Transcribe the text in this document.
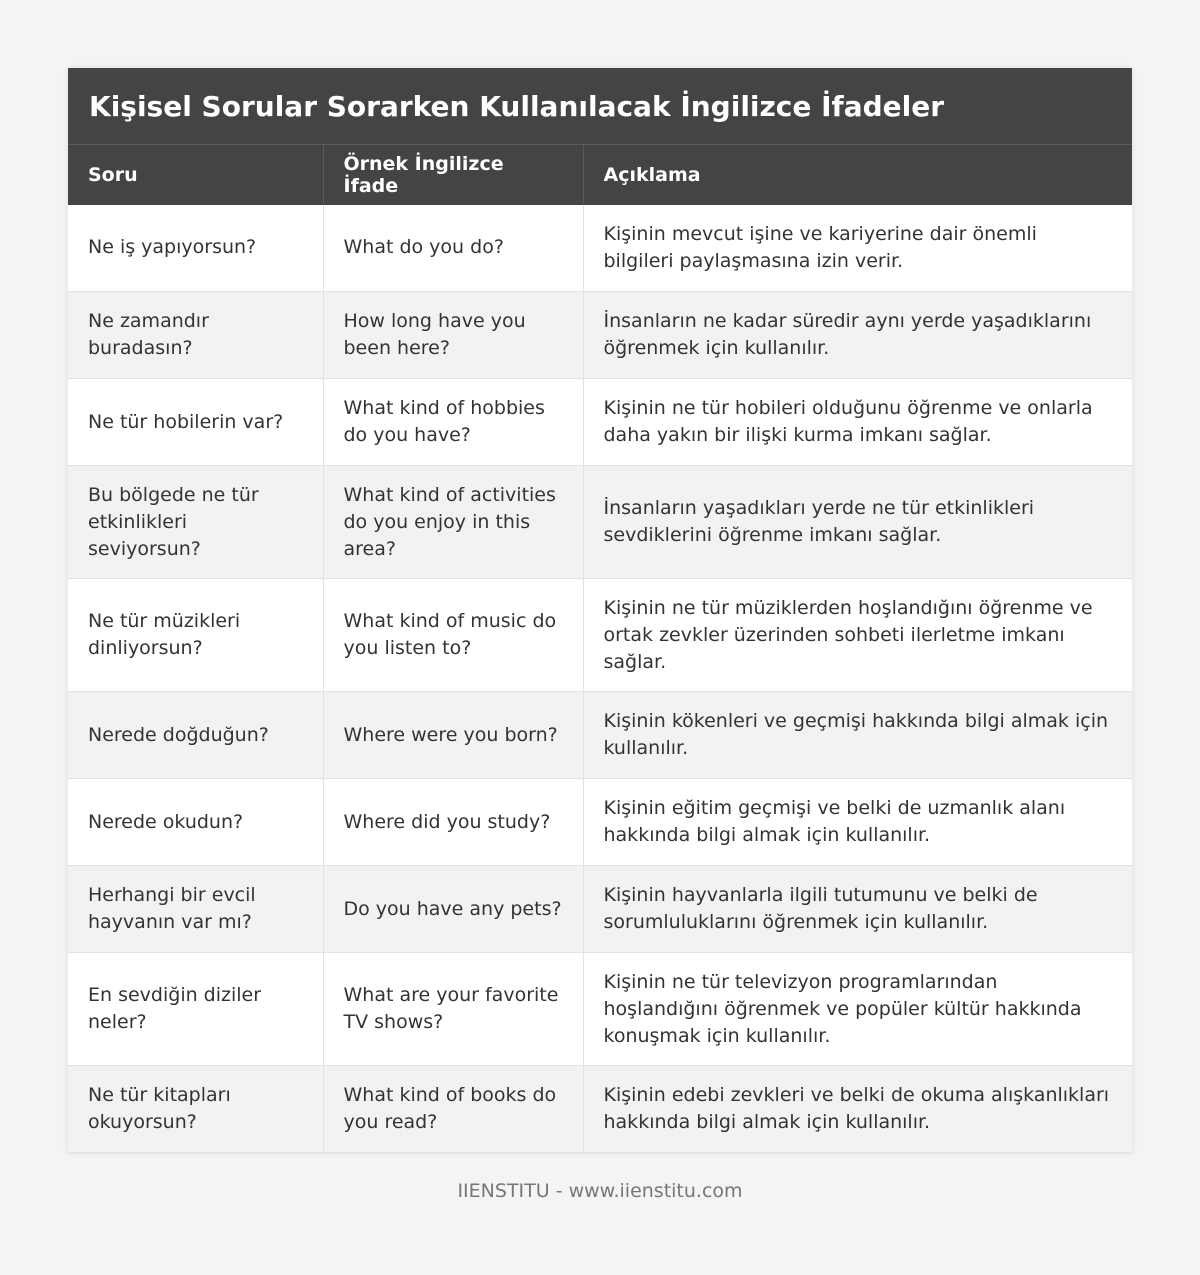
Kişisel Sorular Sorarken Kullanılacak İngilizce İfadeler
Soru	Örnek İngilizce İfade	Açıklama
Ne iş yapıyorsun?	What do you do?	Kişinin mevcut işine ve kariyerine dair önemli bilgileri paylaşmasına izin verir.
Ne zamandır buradasın?	How long have you been here?	İnsanların ne kadar süredir aynı yerde yaşadıklarını öğrenmek için kullanılır.
Ne tür hobilerin var?	What kind of hobbies do you have?	Kişinin ne tür hobileri olduğunu öğrenme ve onlarla daha yakın bir ilişki kurma imkanı sağlar.
Bu bölgede ne tür etkinlikleri seviyorsun?	What kind of activities do you enjoy in this area?	İnsanların yaşadıkları yerde ne tür etkinlikleri sevdiklerini öğrenme imkanı sağlar.
Ne tür müzikleri dinliyorsun?	What kind of music do you listen to?	Kişinin ne tür müziklerden hoşlandığını öğrenme ve ortak zevkler üzerinden sohbeti ilerletme imkanı sağlar.
Nerede doğduğun?	Where were you born?	Kişinin kökenleri ve geçmişi hakkında bilgi almak için kullanılır.
Nerede okudun?	Where did you study?	Kişinin eğitim geçmişi ve belki de uzmanlık alanı hakkında bilgi almak için kullanılır.
Herhangi bir evcil hayvanın var mı?	Do you have any pets?	Kişinin hayvanlarla ilgili tutumunu ve belki de sorumluluklarını öğrenmek için kullanılır.
En sevdiğin diziler neler?	What are your favorite TV shows?	Kişinin ne tür televizyon programlarından hoşlandığını öğrenmek ve popüler kültür hakkında konuşmak için kullanılır.
Ne tür kitapları okuyorsun?	What kind of books do you read?	Kişinin edebi zevkleri ve belki de okuma alışkanlıkları hakkında bilgi almak için kullanılır.
IIENSTITU - www.iienstitu.com
